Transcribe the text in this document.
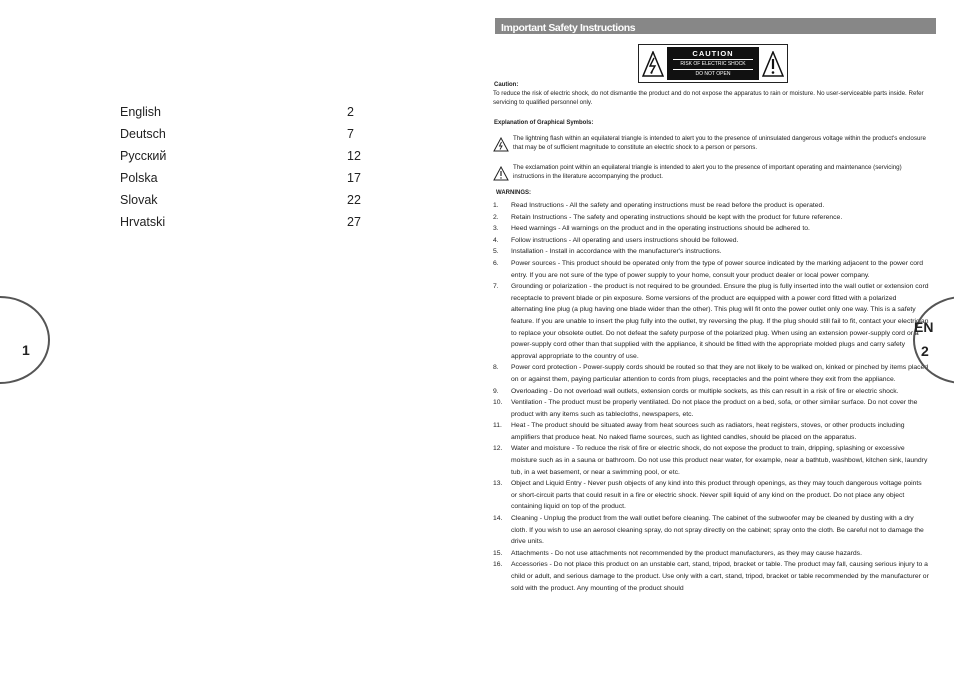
English	2
Deutsch	7
Русский	12
Polska	17
Slovak	22
Hrvatski	27
1
Important Safety Instructions
CAUTION
RISK OF ELECTRIC SHOCK
DO NOT OPEN
Caution:
To reduce the risk of electric shock, do not dismantle the product and do not expose the apparatus to rain or moisture. No user-serviceable parts inside. Refer servicing to qualified personnel only.
Explanation of Graphical Symbols:
The lightning flash within an equilateral triangle is intended to alert you to the presence of uninsulated dangerous voltage within the product's enclosure that may be of sufficient magnitude to constitute an electric shock to a person or persons.
The exclamation point within an equilateral triangle is intended to alert you to the presence of important operating and maintenance (servicing) instructions in the literature accompanying the product.
WARNINGS:
1.	Read Instructions - All the safety and operating instructions must be read before the product is operated.
2.	Retain Instructions - The safety and operating instructions should be kept with the product for future reference.
3.	Heed warnings - All warnings on the product and in the operating instructions should be adhered to.
4.	Follow instructions - All operating and users instructions should be followed.
5.	Installation - Install in accordance with the manufacturer's instructions.
6.	Power sources - This product should be operated only from the type of power source indicated by the marking adjacent to the power cord entry. If you are not sure of the type of power supply to your home, consult your product dealer or local power company.
7.	Grounding or polarization - the product is not required to be grounded. Ensure the plug is fully inserted into the wall outlet or extension cord receptacle to prevent blade or pin exposure. Some versions of the product are equipped with a power cord fitted with a polarized alternating line plug (a plug having one blade wider than the other). This plug will fit onto the power outlet only one way. This is a safety feature. If you are unable to insert the plug fully into the outlet, try reversing the plug. If the plug should still fail to fit, contact your electrician to replace your obsolete outlet. Do not defeat the safety purpose of the polarized plug. When using an extension power-supply cord or a power-supply cord other than that supplied with the appliance, it should be fitted with the appropriate molded plugs and carry safety approval appropriate to the country of use.
8.	Power cord protection - Power-supply cords should be routed so that they are not likely to be walked on, kinked or pinched by items placed on or against them, paying particular attention to cords from plugs, receptacles and the point where they exit from the appliance.
9.	Overloading - Do not overload wall outlets, extension cords or multiple sockets, as this can result in a risk of fire or electric shock.
10.	Ventilation - The product must be properly ventilated. Do not place the product on a bed, sofa, or other similar surface. Do not cover the product with any items such as tablecloths, newspapers, etc.
11.	Heat - The product should be situated away from heat sources such as radiators, heat registers, stoves, or other products including amplifiers that produce heat. No naked flame sources, such as lighted candles, should be placed on the apparatus.
12.	Water and moisture - To reduce the risk of fire or electric shock, do not expose the product to train, dripping, splashing or excessive moisture such as in a sauna or bathroom. Do not use this product near water, for example, near a bathtub, washbowl, kitchen sink, laundry tub, in a wet basement, or near a swimming pool, or etc.
13.	Object and Liquid Entry - Never push objects of any kind into this product through openings, as they may touch dangerous voltage points or short-circuit parts that could result in a fire or electric shock. Never spill liquid of any kind on the product. Do not place any object containing liquid on top of the product.
14.	Cleaning - Unplug the product from the wall outlet before cleaning. The cabinet of the subwoofer may be cleaned by dusting with a dry cloth. If you wish to use an aerosol cleaning spray, do not spray directly on the cabinet; spray onto the cloth. Be careful not to damage the drive units.
15.	Attachments - Do not use attachments not recommended by the product manufacturers, as they may cause hazards.
16.	Accessories - Do not place this product on an unstable cart, stand, tripod, bracket or table. The product may fall, causing serious injury to a child or adult, and serious damage to the product. Use only with a cart, stand, tripod, bracket or table recommended by the manufacturer or sold with the product. Any mounting of the product should
EN
2
